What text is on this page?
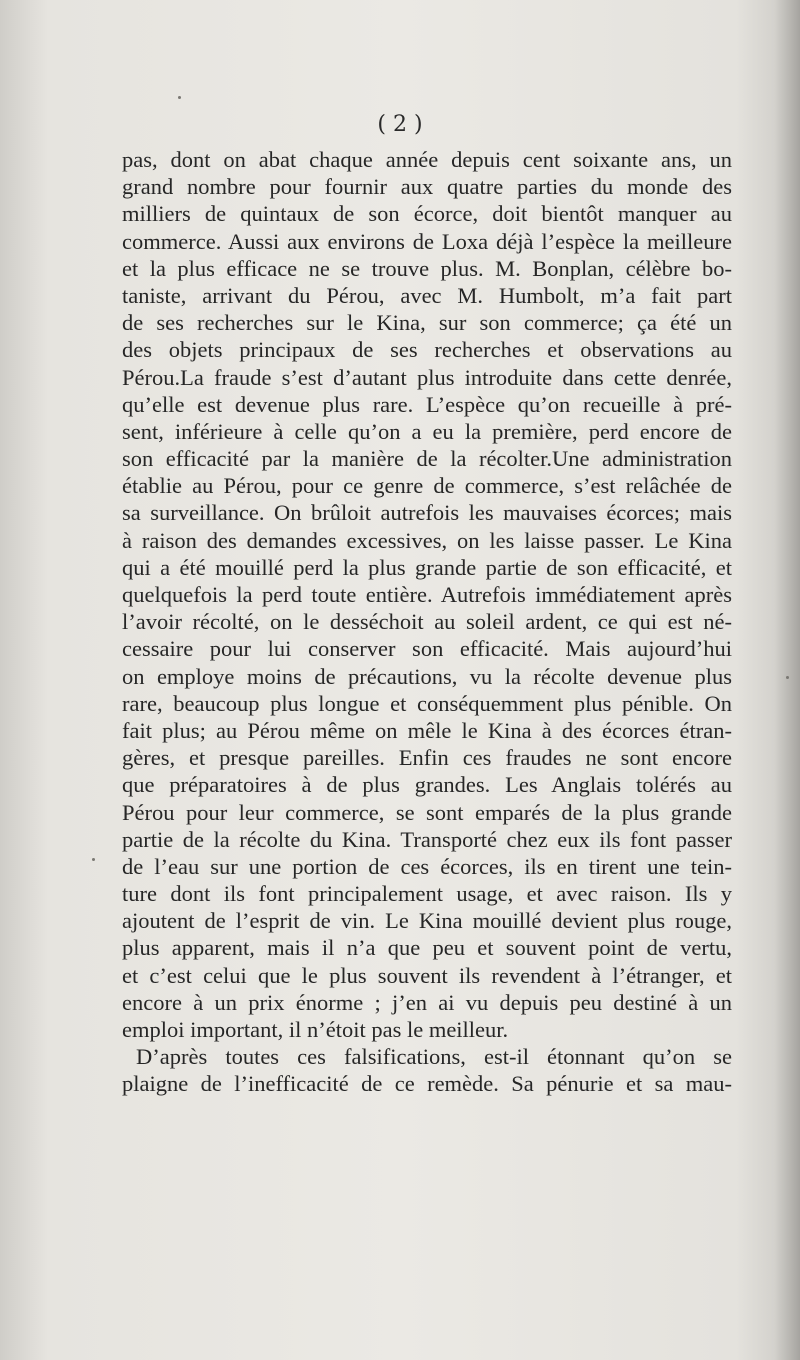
( 2 )
pas, dont on abat chaque année depuis cent soixante ans, un
grand nombre pour fournir aux quatre parties du monde des
milliers de quintaux de son écorce, doit bientôt manquer au
commerce. Aussi aux environs de Loxa déjà l’espèce la meilleure
et la plus efficace ne se trouve plus. M. Bonplan, célèbre bo-
taniste, arrivant du Pérou, avec M. Humbolt, m’a fait part
de ses recherches sur le Kina, sur son commerce; ça été un
des objets principaux de ses recherches et observations au
Pérou.La fraude s’est d’autant plus introduite dans cette denrée,
qu’elle est devenue plus rare. L’espèce qu’on recueille à pré-
sent, inférieure à celle qu’on a eu la première, perd encore de
son efficacité par la manière de la récolter.Une administration
établie au Pérou, pour ce genre de commerce, s’est relâchée de
sa surveillance. On brûloit autrefois les mauvaises écorces; mais
à raison des demandes excessives, on les laisse passer. Le Kina
qui a été mouillé perd la plus grande partie de son efficacité, et
quelquefois la perd toute entière. Autrefois immédiatement après
l’avoir récolté, on le desséchoit au soleil ardent, ce qui est né-
cessaire pour lui conserver son efficacité. Mais aujourd’hui
on employe moins de précautions, vu la récolte devenue plus
rare, beaucoup plus longue et conséquemment plus pénible. On
fait plus; au Pérou même on mêle le Kina à des écorces étran-
gères, et presque pareilles. Enfin ces fraudes ne sont encore
que préparatoires à de plus grandes. Les Anglais tolérés au
Pérou pour leur commerce, se sont emparés de la plus grande
partie de la récolte du Kina. Transporté chez eux ils font passer
de l’eau sur une portion de ces écorces, ils en tirent une tein-
ture dont ils font principalement usage, et avec raison. Ils y
ajoutent de l’esprit de vin. Le Kina mouillé devient plus rouge,
plus apparent, mais il n’a que peu et souvent point de vertu,
et c’est celui que le plus souvent ils revendent à l’étranger, et
encore à un prix énorme ; j’en ai vu depuis peu destiné à un
emploi important, il n’étoit pas le meilleur.
D’après toutes ces falsifications, est-il étonnant qu’on se
plaigne de l’inefficacité de ce remède. Sa pénurie et sa mau-
